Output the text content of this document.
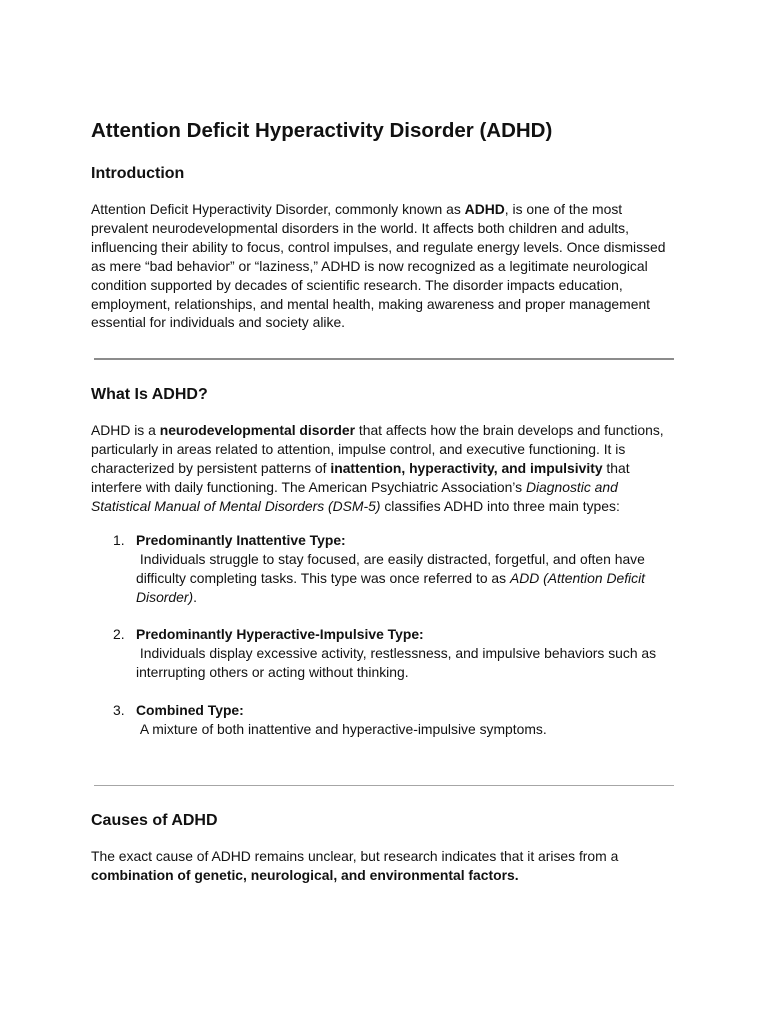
Attention Deficit Hyperactivity Disorder (ADHD)
Introduction

Attention Deficit Hyperactivity Disorder, commonly known as ADHD, is one of the most prevalent neurodevelopmental disorders in the world. It affects both children and adults, influencing their ability to focus, control impulses, and regulate energy levels. Once dismissed as mere “bad behavior” or “laziness,” ADHD is now recognized as a legitimate neurological condition supported by decades of scientific research. The disorder impacts education, employment, relationships, and mental health, making awareness and proper management essential for individuals and society alike.

What Is ADHD?

ADHD is a neurodevelopmental disorder that affects how the brain develops and functions, particularly in areas related to attention, impulse control, and executive functioning. It is characterized by persistent patterns of inattention, hyperactivity, and impulsivity that interfere with daily functioning. The American Psychiatric Association’s Diagnostic and Statistical Manual of Mental Disorders (DSM-5) classifies ADHD into three main types:

1. Predominantly Inattentive Type:
Individuals struggle to stay focused, are easily distracted, forgetful, and often have difficulty completing tasks. This type was once referred to as ADD (Attention Deficit Disorder).
2. Predominantly Hyperactive-Impulsive Type:
Individuals display excessive activity, restlessness, and impulsive behaviors such as interrupting others or acting without thinking.
3. Combined Type:
A mixture of both inattentive and hyperactive-impulsive symptoms.
Causes of ADHD

The exact cause of ADHD remains unclear, but research indicates that it arises from a combination of genetic, neurological, and environmental factors.
